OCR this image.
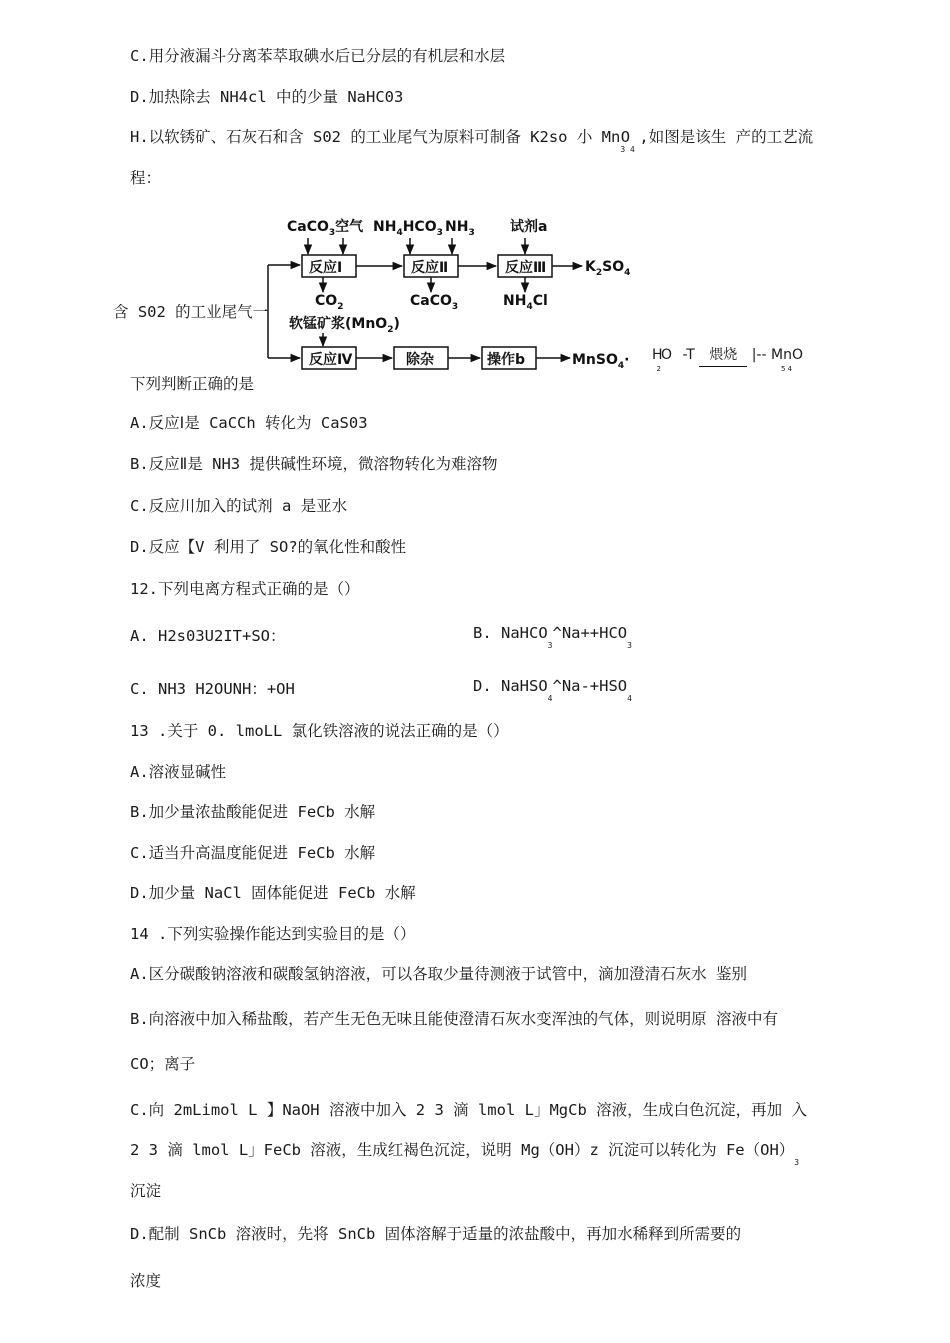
C.用分液漏斗分离苯萃取碘水后已分层的有机层和水层
D.加热除去 NH4cl 中的少量 NaHC03
H.以软锈矿、石灰石和含 S02 的工业尾气为原料可制备 K2so 小 $Mn_{3 4}O$ ,如图是该生 产的工艺流
程：
含 S02 的工业尾气一
CaCO$_3$空气 $NH_4HCO_3$ $NH_3$	试剂a
反应Ⅰ	反应Ⅱ	反应Ⅲ	$K_2SO_4$
$CO_2$	CaCO$_3$	$NH_4Cl$
软锰矿浆(MnO$_2$)
反应Ⅳ	除杂	操作b	MnSO$_4$· $H_2O$ -T 煨烧 |-- MnO$_{5 4}$
下列判断正确的是
A.反应Ⅰ是 CaCCh 转化为 CaS03
B.反应Ⅱ是 NH3 提供碱性环境，微溶物转化为难溶物
C.反应川加入的试剂 a 是亚水
D.反应【V 利用了 SO?的氧化性和酸性
12.下列电离方程式正确的是（）
A. H2s03U2IT+SO：	B. $NaHCO_3\^{}Na++HCO_3$
C. NH3 H2OUNH：+OH	D. $NaHSO_4\^{}Na-+HSO_4$
13 .关于 0. lmoLL 氯化铁溶液的说法正确的是（）
A.溶液显碱性
B.加少量浓盐酸能促进 FeCb 水解
C.适当升高温度能促进 FeCb 水解
D.加少量 NaCl 固体能促进 FeCb 水解
14 .下列实验操作能达到实验目的是（）
A.区分碳酸钠溶液和碳酸氢钠溶液，可以各取少量待测液于试管中，滴加澄清石灰水 鉴别
B.向溶液中加入稀盐酸，若产生无色无味且能使澄清石灰水变浑浊的气体，则说明原 溶液中有
CO；离子
C.向 2mLimol L 】NaOH 溶液中加入 2 3 滴 lmol L」MgCb 溶液，生成白色沉淀，再加 入
2 3 滴 lmol L」FeCb 溶液，生成红褐色沉淀，说明 Mg（OH）z 沉淀可以转化为 $Fe(OH)_3$
沉淀
D.配制 SnCb 溶液时，先将 SnCb 固体溶解于适量的浓盐酸中，再加水稀释到所需要的
浓度
